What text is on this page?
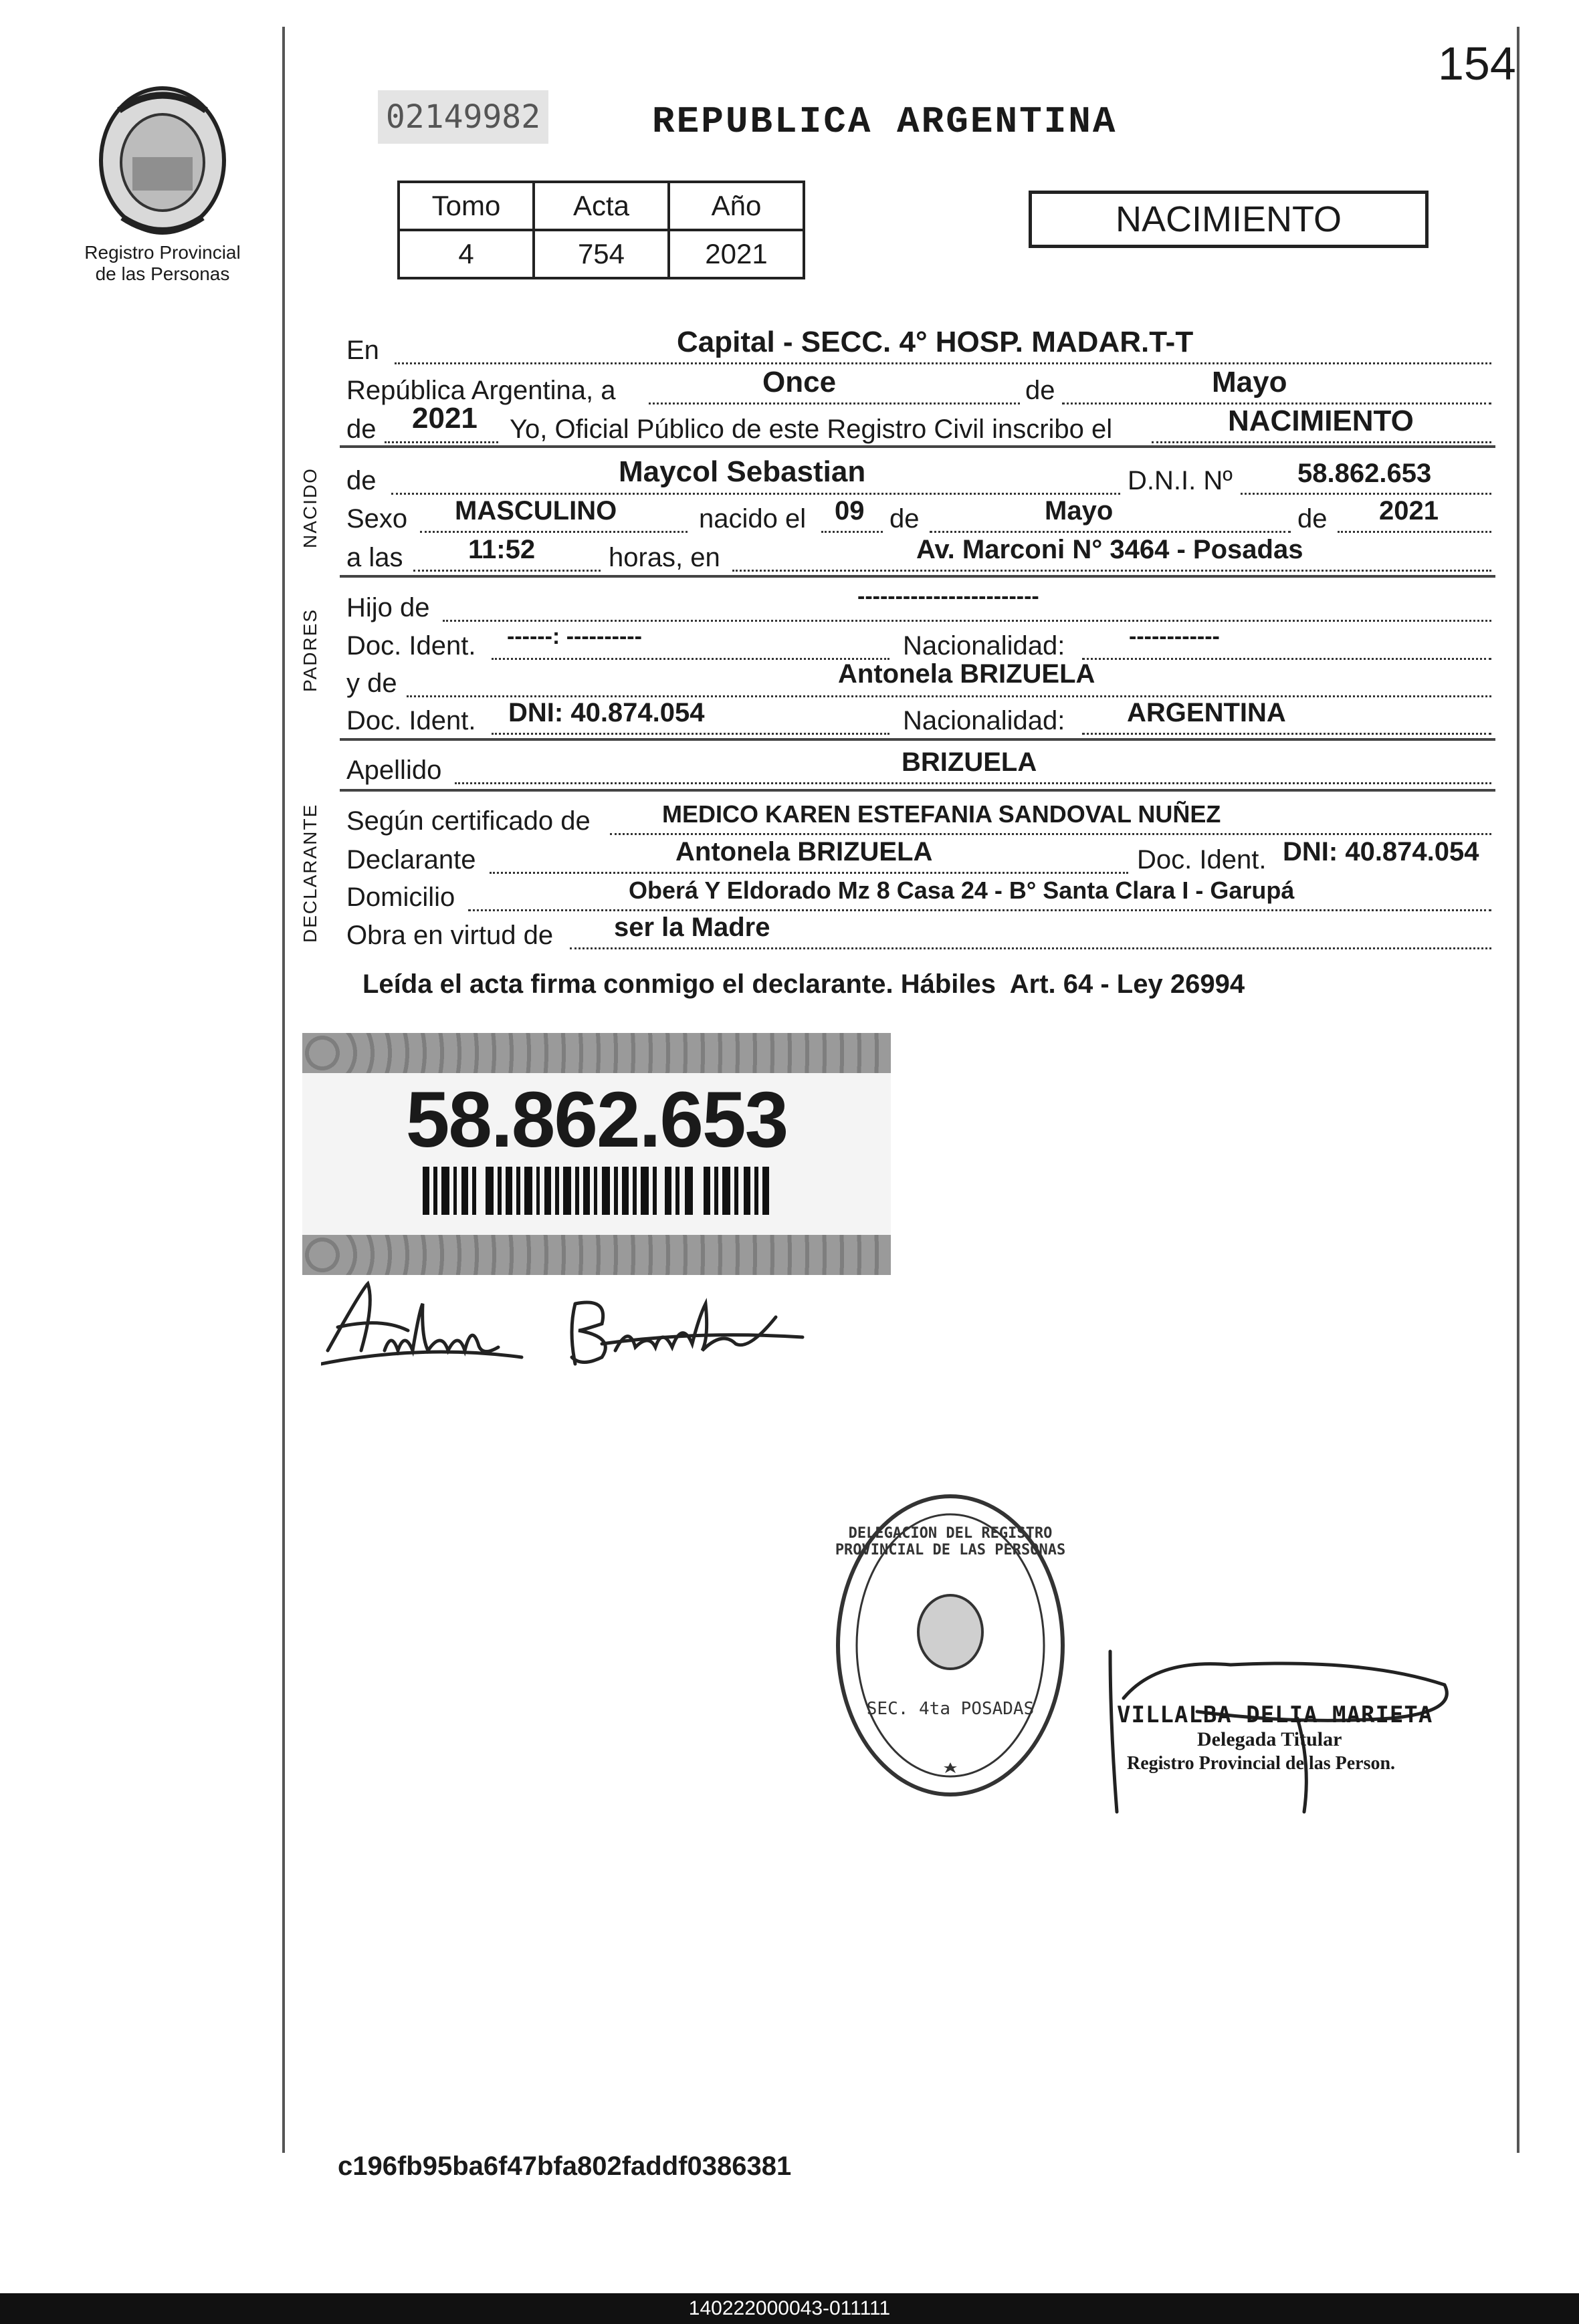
154
Registro Provincial
de las Personas
02149982	REPUBLICA ARGENTINA
Tomo	Acta	Año
4	754	2021
NACIMIENTO
En	Capital - SECC. 4° HOSP. MADAR.T-T
República Argentina, a	Once	de	Mayo
de 2021 Yo, Oficial Público de este Registro Civil inscribo el	NACIMIENTO
NACIDO de	Maycol Sebastian	D.N.I. Nº 58.862.653
Sexo MASCULINO	nacido el 09 de	Mayo	de 2021
a las 11:52	horas, en	Av. Marconi N° 3464 - Posadas
PADRES
Hijo de	------------------------
Doc. Ident. ------: ----------	Nacionalidad:	------------
y de	Antonela BRIZUELA
Doc. Ident. DNI: 40.874.054	Nacionalidad: ARGENTINA
Apellido	BRIZUELA
DECLARANTE Según certificado de	MEDICO KAREN ESTEFANIA SANDOVAL NUÑEZ
Declarante	Antonela BRIZUELA	Doc. Ident. DNI: 40.874.054
Domicilio	Oberá Y Eldorado Mz 8 Casa 24 - B° Santa Clara I - Garupá
Obra en virtud de ser la Madre
Leída el acta firma conmigo el declarante. Hábiles  Art. 64 - Ley 26994
58.862.653
DELEGACION DEL REGISTRO PROVINCIAL DE LAS PERSONAS
SEC. 4ta POSADAS	VILLALBA DELIA MARIETA
Delegada Titular
Registro Provincial de las Person.
c196fb95ba6f47bfa802faddf0386381
140222000043-011111
